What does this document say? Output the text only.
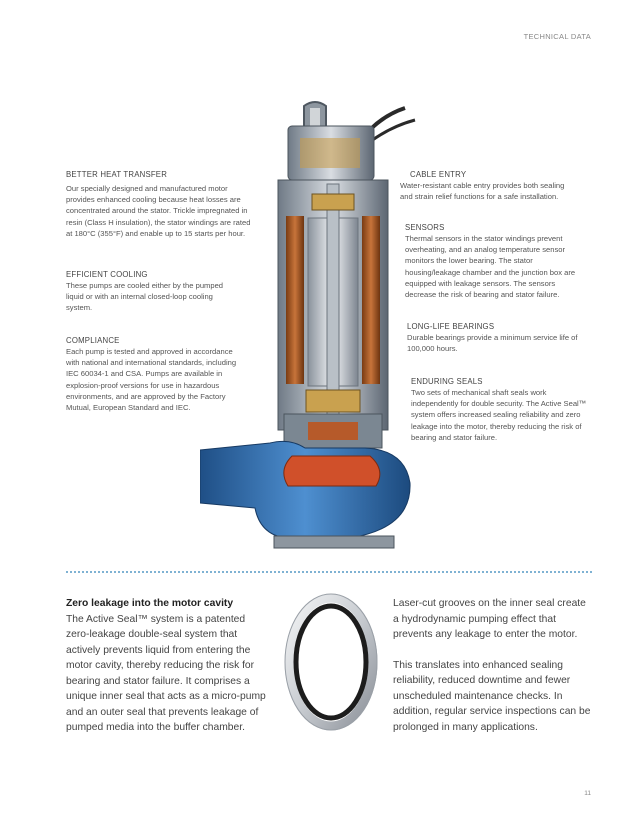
TECHNICAL DATA
BETTER HEAT TRANSFER
Our specially designed and manufactured motor provides enhanced cooling because heat losses are concentrated around the stator. Trickle impregnated in resin (Class H insulation), the stator windings are rated at 180°C (355°F) and enable up to 15 starts per hour.
EFFICIENT COOLING
These pumps are cooled either by the pumped liquid or with an internal closed-loop cooling system.
COMPLIANCE
Each pump is tested and approved in accordance with national and international standards, including IEC 60034-1 and CSA. Pumps are available in explosion-proof versions for use in hazardous environments, and are approved by the Factory Mutual, European Standard and IEC.
CABLE ENTRY
Water-resistant cable entry provides both sealing and strain relief functions for a safe installation.
SENSORS
Thermal sensors in the stator windings prevent overheating, and an analog temperature sensor monitors the lower bearing. The stator housing/leakage chamber and the junction box are equipped with leakage sensors. The sensors decrease the risk of bearing and stator failure.
LONG-LIFE BEARINGS
Durable bearings provide a minimum service life of 100,000 hours.
ENDURING SEALS
Two sets of mechanical shaft seals work independently for double security. The Active Seal™ system offers increased sealing reliability and zero leakage into the motor, thereby reducing the risk of bearing and stator failure.
Zero leakage into the motor cavity
The Active Seal™ system is a patented zero-leakage double-seal system that actively prevents liquid from entering the motor cavity, thereby reducing the risk for bearing and stator failure. It comprises a unique inner seal that acts as a micro-pump and an outer seal that prevents leakage of pumped media into the buffer chamber.
Laser-cut grooves on the inner seal create a hydrodynamic pumping effect that prevents any leakage to enter the motor.
This translates into enhanced sealing reliability, reduced downtime and fewer unscheduled maintenance checks. In addition, regular service inspections can be prolonged in many applications.
11
